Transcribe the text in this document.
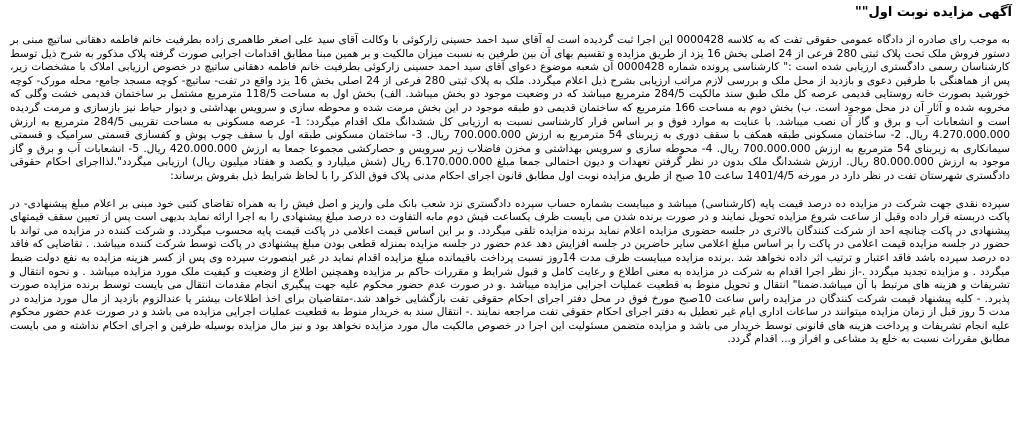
آگهی مزایده نوبت اول""

به موجب رای صادره از دادگاه عمومی حقوقی تفت که به کلاسه 0000428 این اجرا ثبت گردیده است له آقای سید احمد حسینی زارکوئی با وکالت آقای سید علی اصغر طاهمری زاده بطرفیت خانم فاطمه دهقانی ساتیچ مبنی بر دستور فروش ملک تحت پلاک ثبتی 280 فرعی از 24 اصلی بخش 16 یزد از طریق مزایده و تقسیم بهای آن بین طرفین به نسبت میزان مالکیت و بر همین مبنا مطابق اقدامات اجرایی صورت گرفته پلاک مذکور به شرح ذیل توسط کارشناسان رسمی دادگستری ارزیابی شده است :" کارشناسی پرونده شماره 0000428 آن شعبه موضوع دعوای آقای سید احمد حسینی زارکوئی بطرفیت خانم فاطمه دهقانی ساتیچ در خصوص ارزیابی املاک با مشخصات زیر، پس از هماهنگی با طرفین دعوی و بازدید از محل ملک و بررسی لازم مراتب ارزیابی بشرح ذیل اعلام میگردد. ملک به پلاک ثبتی 280 فرعی از 24 اصلی بخش 16 یزد واقع در تفت- ساتیچ- کوچه مسجد جامع- محله مورک- کوچه خورشید بصورت خانه روستایی قدیمی عرصه کل ملک طبق سند مالکیت 284/5 مترمربع میباشد که در وضعیت موجود دو بخش میباشد. الف) بخش اول به مساحت 118/5 مترمربع مشتمل بر ساختمان قدیمی خشت وگلی که مخروبه شده و آثار آن در محل موجود است. ب) بخش دوم به مساحت 166 مترمربع که ساختمان قدیمی دو طبقه موجود در این بخش مرمت شده و محوطه سازی و سرویس بهداشتی و دیوار حیاط نیز بازسازی و مرمت گردیده است و انشعابات آب و برق و گاز آن نصب میباشد. با عنایت به موارد فوق و بر اساس قرار کارشناسی نسبت به ارزیابی کل ششدانگ ملک اقدام میگردد: 1- عرصه مسکونی به مساحت تقریبی 284/5 مترمربع به ارزش 4.270.000.000 ریال. 2- ساختمان مسکونی طبقه همکف با سقف دوری به زیربنای 54 مترمربع به ارزش 700.000.000 ریال. 3- ساختمان مسکونی طبقه اول با سقف چوب پوش و کفسازی قسمتی سرامیک و قسمتی سیمانکاری به زیربنای 54 مترمربع به ارزش 700.000.000 ریال. 4- محوطه سازی و سرویس بهداشتی و مخزن فاضلاب زیر سرویس و حصارکشی مجموعا جمعا به ارزش 420.000.000 ریال. 5- انشعابات آب و برق و گاز موجود به ارزش 80.000.000 ریال. ارزش ششدانگ ملک بدون در نظر گرفتن تعهدات و دیون احتمالی جمعا مبلغ 6.170.000.000 ریال (شش میلیارد و یکصد و هفتاد میلیون ریال) ارزیابی میگردد".لذااجرای احکام حقوقی دادگستری شهرستان تفت در نظر دارد در مورخه 1401/4/5 ساعت 10 صبح از طریق مزایده نوبت اول مطابق قانون اجرای احکام مدنی پلاک فوق الذکر را با لحاظ شرایط ذیل بفروش برساند:

سپرده نقدی جهت شرکت در مزایده ده درصد قیمت پایه (کارشناسی) میباشد و میبایست بشماره حساب سپرده دادگستری نزد شعب بانک ملی واریز و اصل فیش را به همراه تقاضای کتبی خود مبنی بر اعلام مبلغ پیشنهادی- در پاکت دربسته قرار داده وقبل از ساعت شروع مزایده تحویل نمایند و در صورت برنده شدن می بایست ظرف یکساعت فیش دوم مابه التفاوت ده درصد مبلغ پیشنهادی را به اجرا ارائه نماید بدیهی است پس از تعیین سقف قیمتهای پیشنهادی در پاکت چنانچه احد از شرکت کنندگان بالاتری در جلسه حضوری مزایده اعلام نماید برنده مزایده تلقی میگردد. و بر این اساس قیمت اعلامی در پاکت قیمت پایه محسوب میگردد. و شرکت کننده در مزایده می تواند با حضور در جلسه مزایده قیمت اعلامی در پاکت را بر اساس مبلغ اعلامی سایر حاضرین در جلسه افزایش دهد عدم حضور در جلسه مزایده بمنزله قطعی بودن مبلغ پیشنهادی در پاکت توسط شرکت کننده میباشد. . تقاضایی که فاقد ده درصد سپرده باشد فاقد اعتبار و ترتیب اثر داده نخواهد شد .برنده مزایده میبایست ظرف مدت 14روز نسبت پرداخت باقیمانده مبلغ مزایده اقدام نماید در غیر اینصورت سپرده وی پس از کسر هزینه مزایده به نفع دولت ضبط میگردد . و مزایده تجدید میگردد .-از نظر اجرا اقدام به شرکت در مزایده به معنی اطلاع و رعایت کامل و قبول شرایط و مقررات حاکم بر مزایده وهمچنین اطلاع از وضعیت و کیفیت ملک مورد مزایده میباشد . و نحوه انتقال و تشریفات و هزینه های مرتبط با آن میباشد.ضمنا" انتقال و تحویل منوط به قطعیت عملیات اجرایی مزایده میباشد .و در صورت عدم حضور محکوم علیه جهت پیگیری انجام مقدمات انتقال می بایست توسط برنده مزایده صورت پذیرد. - کلیه پیشنهاد قیمت شرکت کنندگان در مزایده راس ساعت 10صبح مورخ فوق در محل دفتر اجرای احکام حقوقی تفت بازگشایی خواهد شد.-متقاضیان برای اخذ اطلاعات بیشتر یا عندالزوم بازدید از مال مورد مزایده در مدت 5 روز قبل از زمان مزایده میتوانند در ساعات اداری ایام غیر تعطیل به دفتر اجرای احکام حقوقی تفت مراجعه نمایند .- انتقال سند به خریدار منوط به قطعیت عملیات اجرایی مزایده می باشد و در صورت عدم حضور محکوم علیه انجام تشریفات و پرداخت هزینه های قانونی توسط خریدار می باشد و مزایده متضمن مسئولیت این اجرا در خصوص مالکیت مال مورد مزایده نخواهد بود و نیز مال مزایده بوسیله طرفین و اجرای احکام نداشته و می بایست مطابق مقررات نسبت به خلع ید مشاعی و افراز و... اقدام گردد.
